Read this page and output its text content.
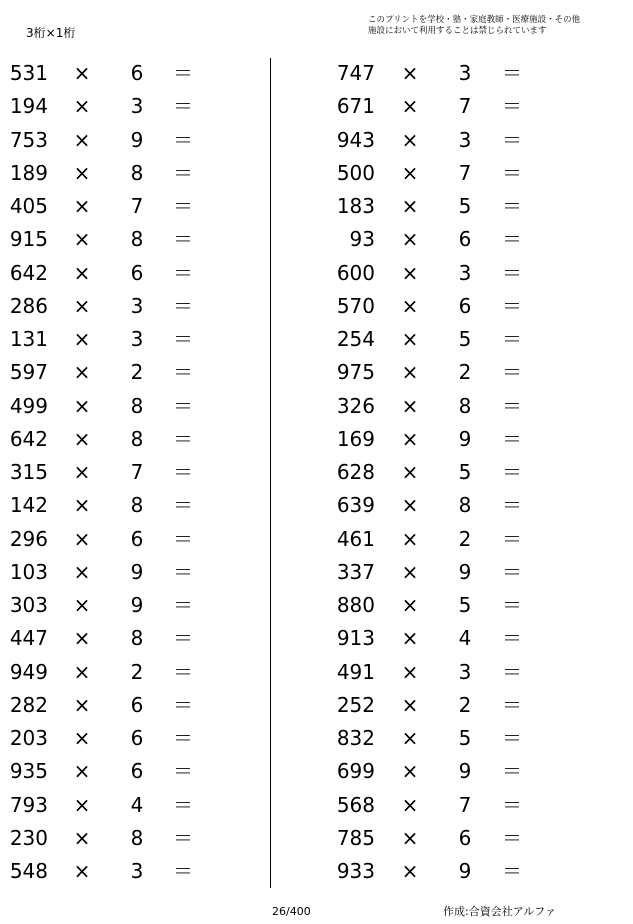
3桁×1桁
このプリントを学校・塾・家庭教師・医療施設・その他
施設において利用することは禁じられています
531 × 6 ＝
194 × 3 ＝
753 × 9 ＝
189 × 8 ＝
405 × 7 ＝
915 × 8 ＝
642 × 6 ＝
286 × 3 ＝
131 × 3 ＝
597 × 2 ＝
499 × 8 ＝
642 × 8 ＝
315 × 7 ＝
142 × 8 ＝
296 × 6 ＝
103 × 9 ＝
303 × 9 ＝
447 × 8 ＝
949 × 2 ＝
282 × 6 ＝
203 × 6 ＝
935 × 6 ＝
793 × 4 ＝
230 × 8 ＝
548 × 3 ＝
747 × 3 ＝
671 × 7 ＝
943 × 3 ＝
500 × 7 ＝
183 × 5 ＝
93 × 6 ＝
600 × 3 ＝
570 × 6 ＝
254 × 5 ＝
975 × 2 ＝
326 × 8 ＝
169 × 9 ＝
628 × 5 ＝
639 × 8 ＝
461 × 2 ＝
337 × 9 ＝
880 × 5 ＝
913 × 4 ＝
491 × 3 ＝
252 × 2 ＝
832 × 5 ＝
699 × 9 ＝
568 × 7 ＝
785 × 6 ＝
933 × 9 ＝
26/400	作成:合資会社アルファ
